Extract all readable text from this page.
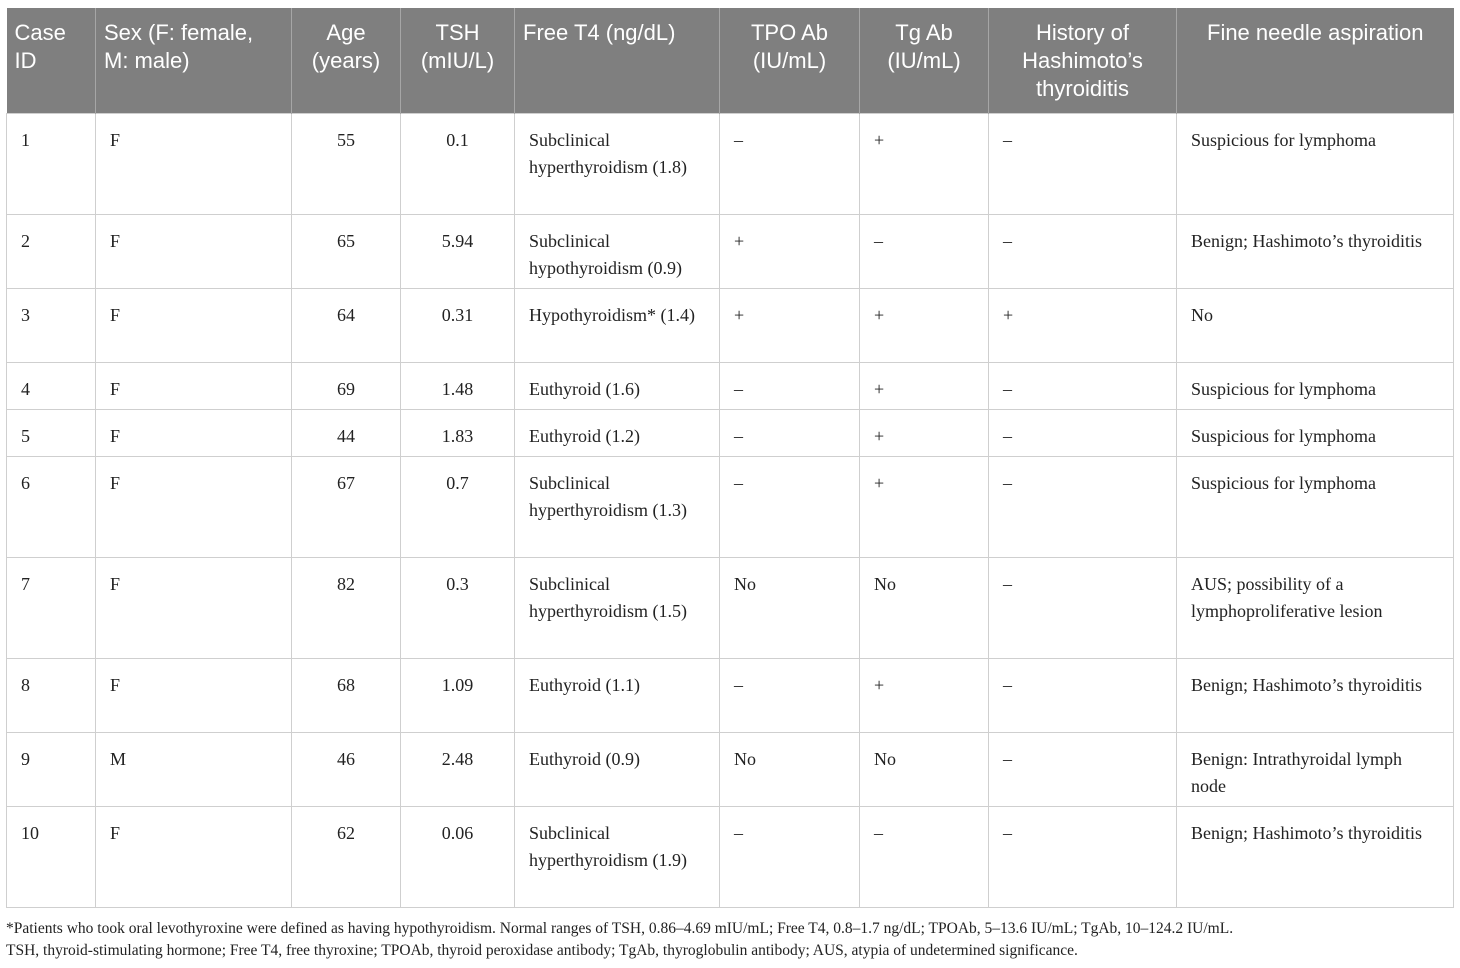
Case ID	Sex (F: female, M: male)	Age (years)	TSH (mIU/L)	Free T4 (ng/dL)	TPO Ab (IU/mL)	Tg Ab (IU/mL)	History of Hashimoto’s thyroiditis	Fine needle aspiration
1	F	55	0.1	Subclinical hyperthyroidism (1.8)	–	+	–	Suspicious for lymphoma
2	F	65	5.94	Subclinical hypothyroidism (0.9)	+	–	–	Benign; Hashimoto’s thyroiditis
3	F	64	0.31	Hypothyroidism* (1.4)	+	+	+	No
4	F	69	1.48	Euthyroid (1.6)	–	+	–	Suspicious for lymphoma
5	F	44	1.83	Euthyroid (1.2)	–	+	–	Suspicious for lymphoma
6	F	67	0.7	Subclinical hyperthyroidism (1.3)	–	+	–	Suspicious for lymphoma
7	F	82	0.3	Subclinical hyperthyroidism (1.5)	No	No	–	AUS; possibility of a lymphoproliferative lesion
8	F	68	1.09	Euthyroid (1.1)	–	+	–	Benign; Hashimoto’s thyroiditis
9	M	46	2.48	Euthyroid (0.9)	No	No	–	Benign: Intrathyroidal lymph node
10	F	62	0.06	Subclinical hyperthyroidism (1.9)	–	–	–	Benign; Hashimoto’s thyroiditis

*Patients who took oral levothyroxine were defined as having hypothyroidism. Normal ranges of TSH, 0.86–4.69 mIU/mL; Free T4, 0.8–1.7 ng/dL; TPOAb, 5–13.6 IU/mL; TgAb, 10–124.2 IU/mL.

TSH, thyroid-stimulating hormone; Free T4, free thyroxine; TPOAb, thyroid peroxidase antibody; TgAb, thyroglobulin antibody; AUS, atypia of undetermined significance.
